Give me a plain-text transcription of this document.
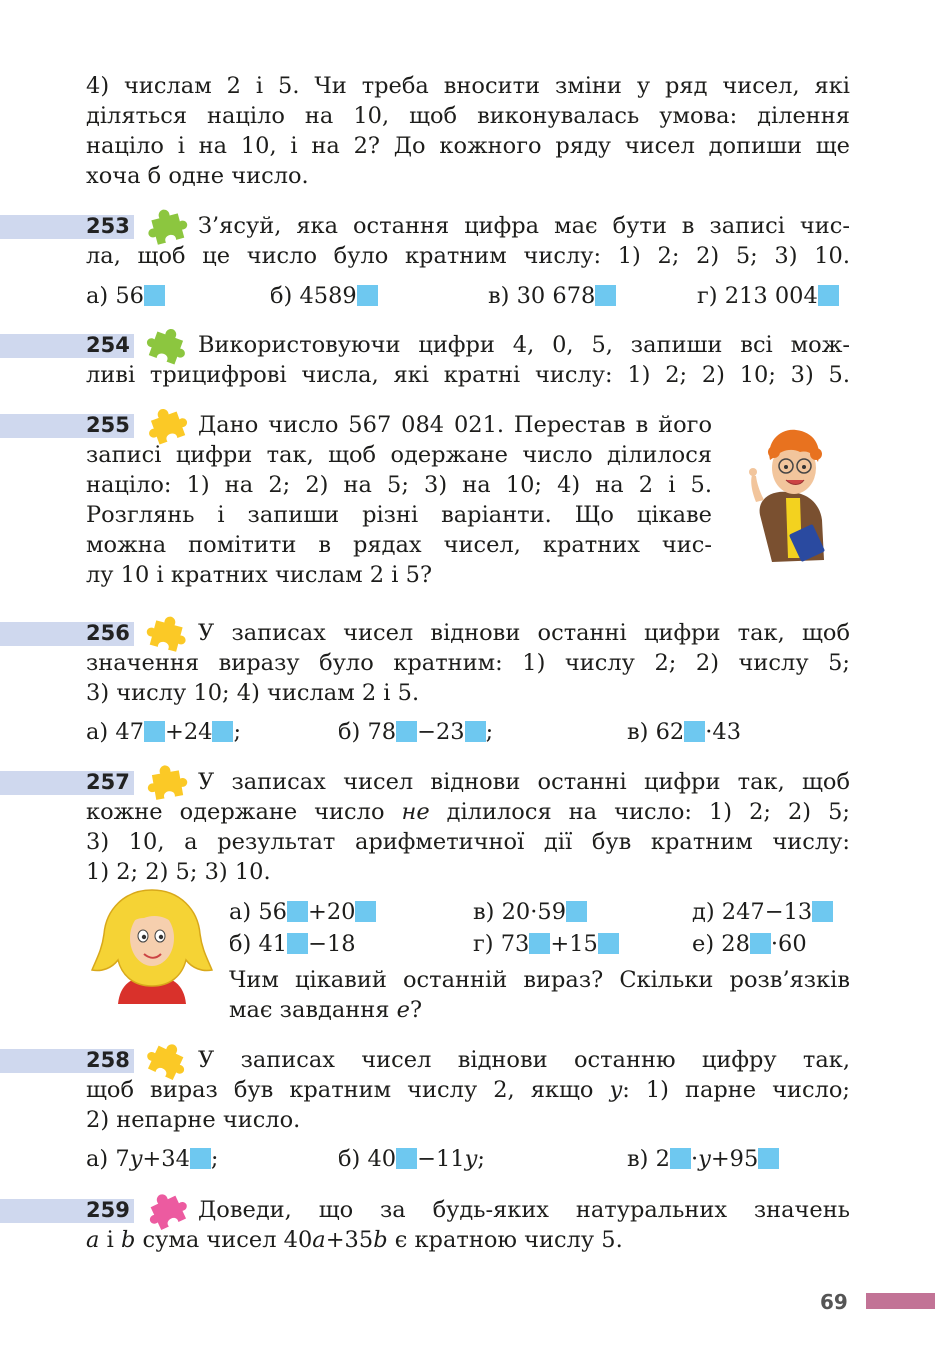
4) числам 2 і 5. Чи треба вносити зміни у ряд чисел, які
діляться націло на 10, щоб виконувалась умова: ділення
націло і на 10, і на 2? До кожного ряду чисел допиши ще
хоча б одне число.
253	З’ясуй, яка остання цифра має бути в записі чис-
ла, щоб це число було кратним числу: 1) 2; 2) 5; 3) 10.
а) 56	б) 4589	в) 30 678	г) 213 004
254	Використовуючи цифри 4, 0, 5, запиши всі мож-
ливі трицифрові числа, які кратні числу: 1) 2; 2) 10; 3) 5.
255	Дано число 567 084 021. Перестав в його
записі цифри так, щоб одержане число ділилося
націло: 1) на 2; 2) на 5; 3) на 10; 4) на 2 і 5.
Розглянь і запиши різні варіанти. Що цікаве
можна помітити в рядах чисел, кратних чис-
лу 10 і кратних числам 2 і 5?
256	У записах чисел віднови останні цифри так, щоб
значення виразу було кратним: 1) числу 2; 2) числу 5;
3) числу 10; 4) числам 2 і 5.
а) 47 +24 ;	б) 78 −23 ;	в) 62 ·43
257	У записах чисел віднови останні цифри так, щоб
кожне одержане число не ділилося на число: 1) 2; 2) 5;
3) 10, а результат арифметичної дії був кратним числу:
1) 2; 2) 5; 3) 10.
а) 56 +20	в) 20·59	д) 247−13
б) 41 −18	г) 73 +15	е) 28 ·60
Чим цікавий останній вираз? Скільки розв’язків
має завдання е?
258	У записах чисел віднови останню цифру так,
щоб вираз був кратним числу 2, якщо y: 1) парне число;
2) непарне число.
а) 7y+34 ;	б) 40 −11y;	в) 2 ·y+95
259	Доведи, що за будь-яких натуральних значень
a і b сума чисел 40a+35b є кратною числу 5.
69
